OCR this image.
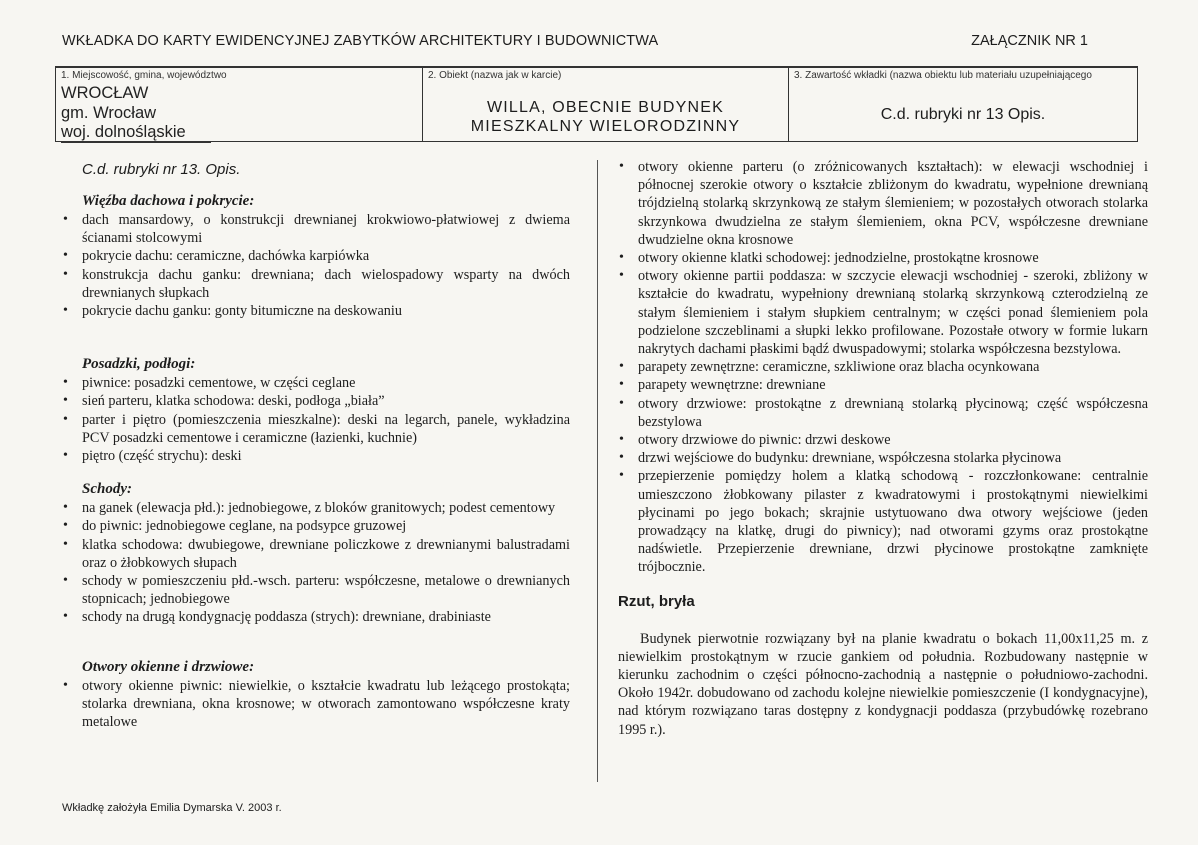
WKŁADKA DO KARTY EWIDENCYJNEJ ZABYTKÓW ARCHITEKTURY I BUDOWNICTWA	ZAŁĄCZNIK NR 1
1. Miejscowość, gmina, województwo
WROCŁAW
gm. Wrocław
woj. dolnośląskie
2. Obiekt (nazwa jak w karcie)
WILLA, OBECNIE BUDYNEK
MIESZKALNY WIELORODZINNY
3. Zawartość wkładki (nazwa obiektu lub materiału uzupełniającego
C.d. rubryki nr 13 Opis.
C.d. rubryki nr 13. Opis.
Więźba dachowa i pokrycie:
• dach mansardowy, o konstrukcji drewnianej krokwiowo-płatwiowej z dwiema ścianami stolcowymi
• pokrycie dachu: ceramiczne, dachówka karpiówka
• konstrukcja dachu ganku: drewniana; dach wielospadowy wsparty na dwóch drewnianych słupkach
• pokrycie dachu ganku: gonty bitumiczne na deskowaniu
Posadzki, podłogi:
• piwnice: posadzki cementowe, w części ceglane
• sień parteru, klatka schodowa: deski, podłoga „biała”
• parter i piętro (pomieszczenia mieszkalne): deski na legarch, panele, wykładzina PCV posadzki cementowe i ceramiczne (łazienki, kuchnie)
• piętro (część strychu): deski
Schody:
• na ganek (elewacja płd.): jednobiegowe, z bloków granitowych; podest cementowy
• do piwnic: jednobiegowe ceglane, na podsypce gruzowej
• klatka schodowa: dwubiegowe, drewniane policzkowe z drewnianymi balustradami oraz o żłobkowych słupach
• schody w pomieszczeniu płd.-wsch. parteru: współczesne, metalowe o drewnianych stopnicach; jednobiegowe
• schody na drugą kondygnację poddasza (strych): drewniane, drabiniaste
Otwory okienne i drzwiowe:
• otwory okienne piwnic: niewielkie, o kształcie kwadratu lub leżącego prostokąta; stolarka drewniana, okna krosnowe; w otworach zamontowano współczesne kraty metalowe
• otwory okienne parteru (o zróżnicowanych kształtach): w elewacji wschodniej i północnej szerokie otwory o kształcie zbliżonym do kwadratu, wypełnione drewnianą trójdzielną stolarką skrzynkową ze stałym ślemieniem; w pozostałych otworach stolarka skrzynkowa dwudzielna ze stałym ślemieniem, okna PCV, współczesne drewniane dwudzielne okna krosnowe
• otwory okienne klatki schodowej: jednodzielne, prostokątne krosnowe
• otwory okienne partii poddasza: w szczycie elewacji wschodniej - szeroki, zbliżony w kształcie do kwadratu, wypełniony drewnianą stolarką skrzynkową czterodzielną ze stałym ślemieniem i stałym słupkiem centralnym; w części ponad ślemieniem pola podzielone szczeblinami a słupki lekko profilowane. Pozostałe otwory w formie lukarn nakrytych dachami płaskimi bądź dwuspadowymi; stolarka współczesna bezstylowa.
• parapety zewnętrzne: ceramiczne, szkliwione oraz blacha ocynkowana
• parapety wewnętrzne: drewniane
• otwory drzwiowe: prostokątne z drewnianą stolarką płycinową; część współczesna bezstylowa
• otwory drzwiowe do piwnic: drzwi deskowe
• drzwi wejściowe do budynku: drewniane, współczesna stolarka płycinowa
• przepierzenie pomiędzy holem a klatką schodową - rozczłonkowane: centralnie umieszczono żłobkowany pilaster z kwadratowymi i prostokątnymi niewielkimi płycinami po jego bokach; skrajnie ustytuowano dwa otwory wejściowe (jeden prowadzący na klatkę, drugi do piwnicy); nad otworami gzyms oraz prostokątne nadświetle. Przepierzenie drewniane, drzwi płycinowe prostokątne zamknięte trójbocznie.
Rzut, bryła

Budynek pierwotnie rozwiązany był na planie kwadratu o bokach 11,00x11,25 m. z niewielkim prostokątnym w rzucie gankiem od południa. Rozbudowany następnie w kierunku zachodnim o części północno-zachodnią a następnie o południowo-zachodni. Około 1942r. dobudowano od zachodu kolejne niewielkie pomieszczenie (I kondygnacyjne), nad którym rozwiązano taras dostępny z kondygnacji poddasza (przybudówkę rozebrano 1995 r.).

Wkładkę założyła Emilia Dymarska V. 2003 r.
